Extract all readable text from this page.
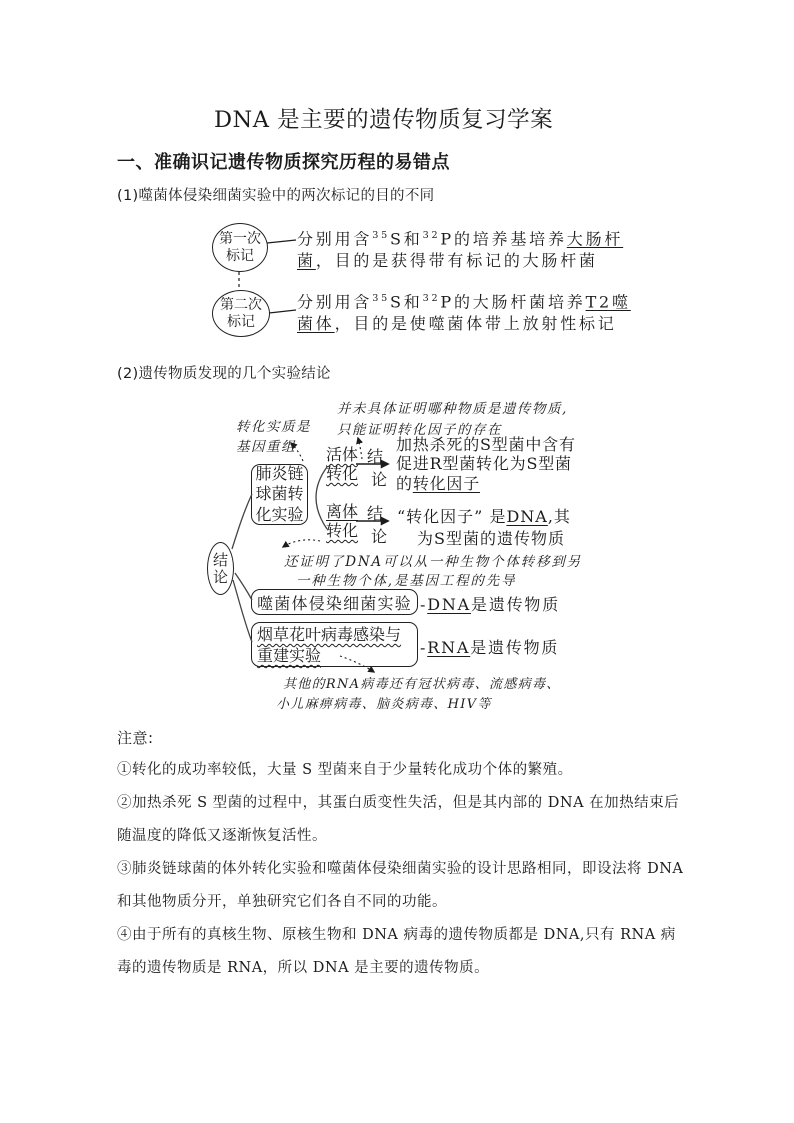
DNA 是主要的遗传物质复习学案
一、准确识记遗传物质探究历程的易错点
(1)噬菌体侵染细菌实验中的两次标记的目的不同
第一次标记
分别用含$^{35}$S和$^{32}$P的培养基培养大肠杆菌，目的是获得带有标记的大肠杆菌
第二次标记
分别用含$^{35}$S和$^{32}$P的大肠杆菌培养T2噬菌体，目的是使噬菌体带上放射性标记
(2)遗传物质发现的几个实验结论
转化实质是基因重组
并未具体证明哪种物质是遗传物质,
只能证明转化因子的存在
肺炎链球菌转化实验
活体
转化
结
论
加热杀死的S型菌中含有
促进R型菌转化为S型菌
的转化因子
离体
转化
结
论
“转化因子” 是DNA,其
为S型菌的遗传物质
还证明了DNA可以从一种生物个体转移到另
一种生物个体,是基因工程的先导
结论
噬菌体侵染细菌实验 -DNA是遗传物质
烟草花叶病毒感染与
重建实验	-RNA是遗传物质
其他的RNA病毒还有冠状病毒、流感病毒、
小儿麻痹病毒、脑炎病毒、HIV等
注意:

①转化的成功率较低，大量 S 型菌来自于少量转化成功个体的繁殖。

②加热杀死 S 型菌的过程中，其蛋白质变性失活，但是其内部的 DNA 在加热结束后随温度的降低又逐渐恢复活性。

③肺炎链球菌的体外转化实验和噬菌体侵染细菌实验的设计思路相同，即设法将 DNA 和其他物质分开，单独研究它们各自不同的功能。

④由于所有的真核生物、原核生物和 DNA 病毒的遗传物质都是 DNA,只有 RNA 病毒的遗传物质是 RNA，所以 DNA 是主要的遗传物质。
